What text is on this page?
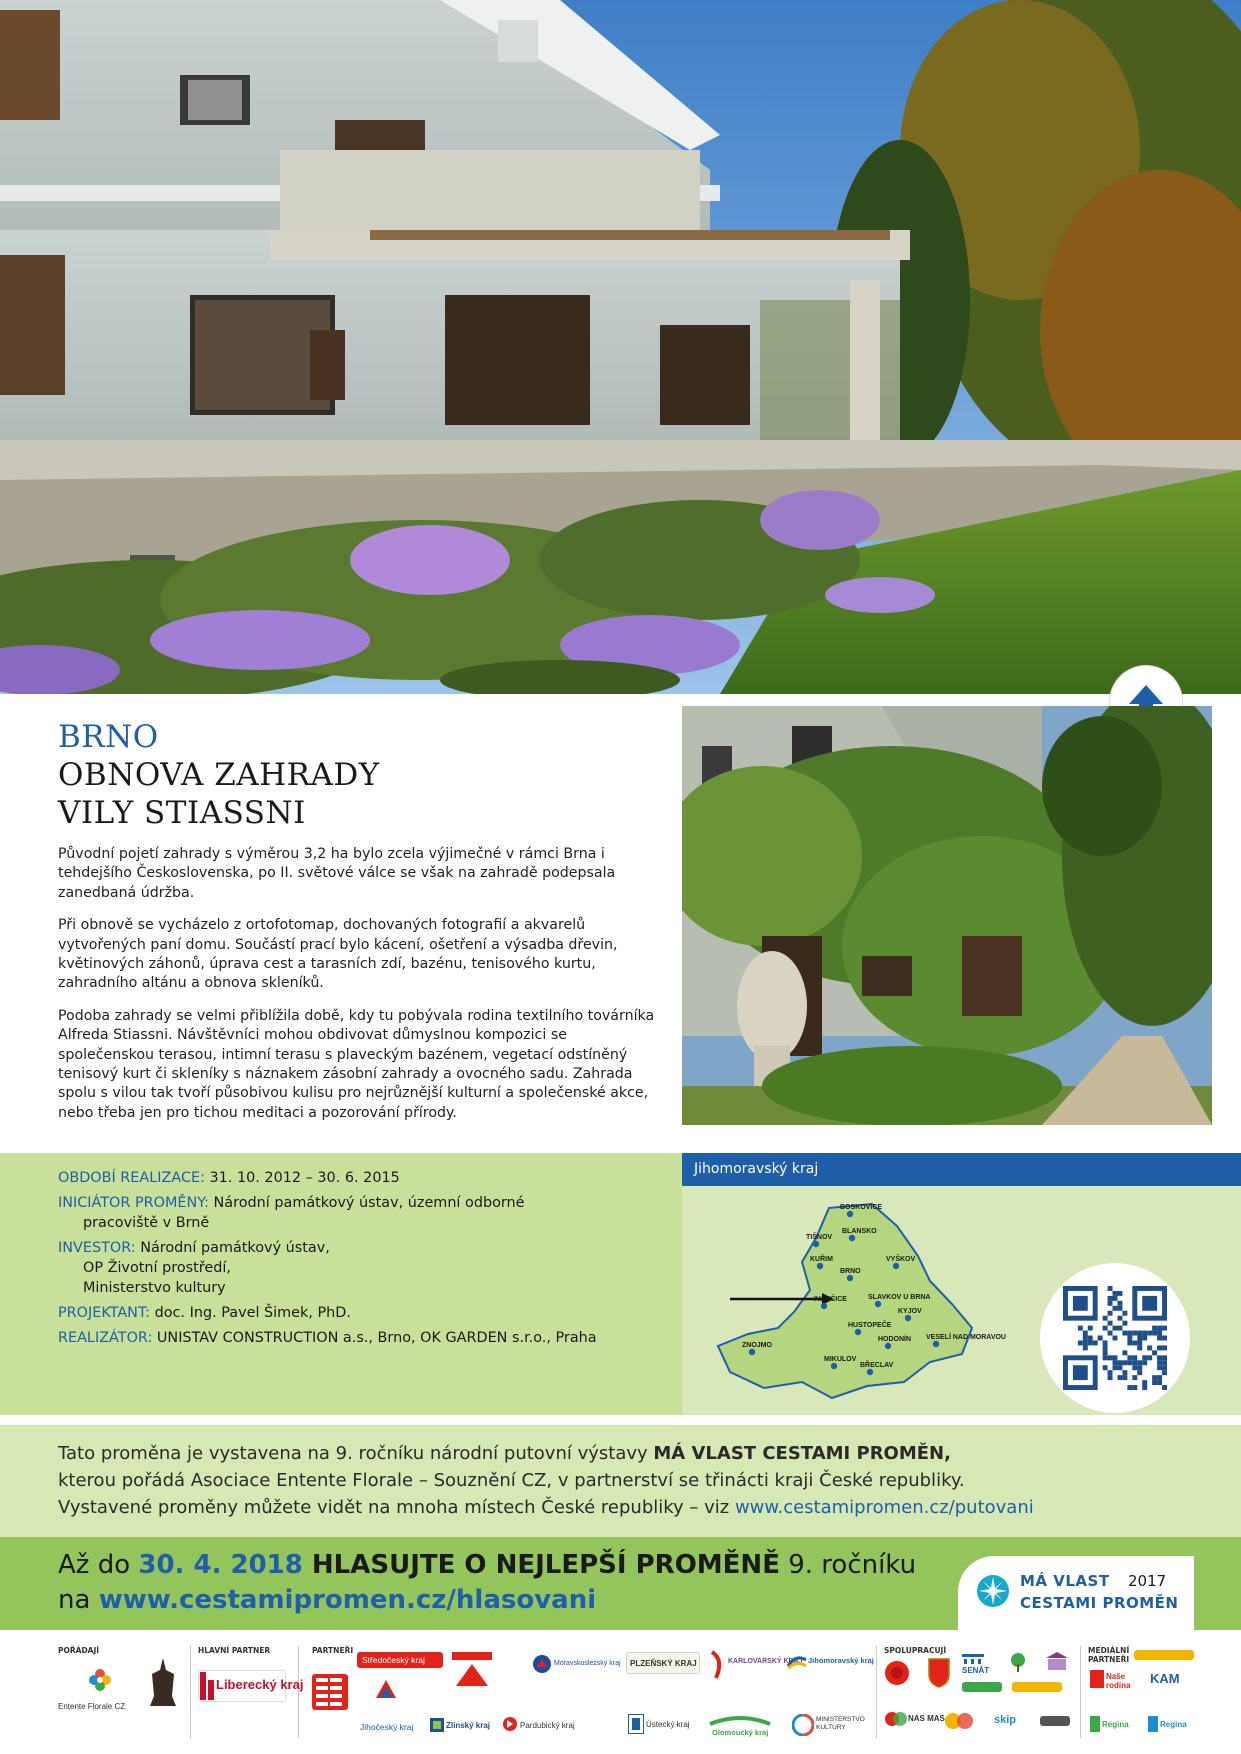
BRNO
OBNOVA ZAHRADY
VILY STIASSNI

Původní pojetí zahrady s výměrou 3,2 ha bylo zcela výjimečné v rámci Brna i tehdejšího Československa, po II. světové válce se však na zahradě podepsala zanedbaná údržba.

Při obnově se vycházelo z ortofotomap, dochovaných fotografií a akvarelů vytvořených paní domu. Součástí prací bylo kácení, ošetření a výsadba dřevin, květinových záhonů, úprava cest a tarasních zdí, bazénu, tenisového kurtu, zahradního altánu a obnova skleníků.

Podoba zahrady se velmi přiblížila době, kdy tu pobývala rodina textilního továrníka Alfreda Stiassni. Návštěvníci mohou obdivovat důmyslnou kompozici se společenskou terasou, intimní terasu s plaveckým bazénem, vegetací odstíněný tenisový kurt či skleníky s náznakem zásobní zahrady a ovocného sadu. Zahrada spolu s vilou tak tvoří působivou kulisu pro nejrůznější kulturní a společenské akce, nebo třeba jen pro tichou meditaci a pozorování přírody.

OBDOBÍ REALIZACE: 31. 10. 2012 – 30. 6. 2015
INICIÁTOR PROMĚNY: Národní památkový ústav, územní odborné
pracoviště v Brně
INVESTOR: Národní památkový ústav,
OP Životní prostředí,
Ministerstvo kultury
PROJEKTANT: doc. Ing. Pavel Šimek, PhD.
REALIZÁTOR: UNISTAV CONSTRUCTION a.s., Brno, OK GARDEN s.r.o., Praha
Jihomoravský kraj
BOSKOVICE
BLANSKO
TIŠNOV
KUŘIM	VYŠKOV
BRNO
IVANČICE	SLAVKOV U BRNA
KYJOV
HUSTOPEČE
HODONÍN VESELÍ NAD MORAVOU
ZNOJMO
MIKULOV
BŘECLAV
Tato proměna je vystavena na 9. ročníku národní putovní výstavy MÁ VLAST CESTAMI PROMĚN,
kterou pořádá Asociace Entente Florale – Souznění CZ, v partnerství se třinácti kraji České republiky.
Vystavené proměny můžete vidět na mnoha místech České republiky – viz www.cestamipromen.cz/putovani
Až do 30. 4. 2018 HLASUJTE O NEJLEPŠÍ PROMĚNĚ 9. ročníku
na www.cestamipromen.cz/hlasovani
MÁ VLAST 2017
CESTAMI PROMĚN
POŘÁDAJÍ	HLAVNÍ PARTNER	PARTNEŘI	SPOLUPRACUJÍ	MEDIÁLNÍ
PARTNEŘI
Entente Florale CZ
Liberecký kraj
Středočeský kraj	Moravskoslezský kraj PLZEŇSKÝ KRAJ	KARLOVARSKÝ KRAJ Jihomoravský kraj
Jihočeský kraj	Zlínský kraj	Pardubický kraj	Ústecký kraj
Olomoucký kraj
MINISTERSTVO KULTURY
SENÁT
NAS MAS	skip
Naše rodina	KAM
Regina	Regina
